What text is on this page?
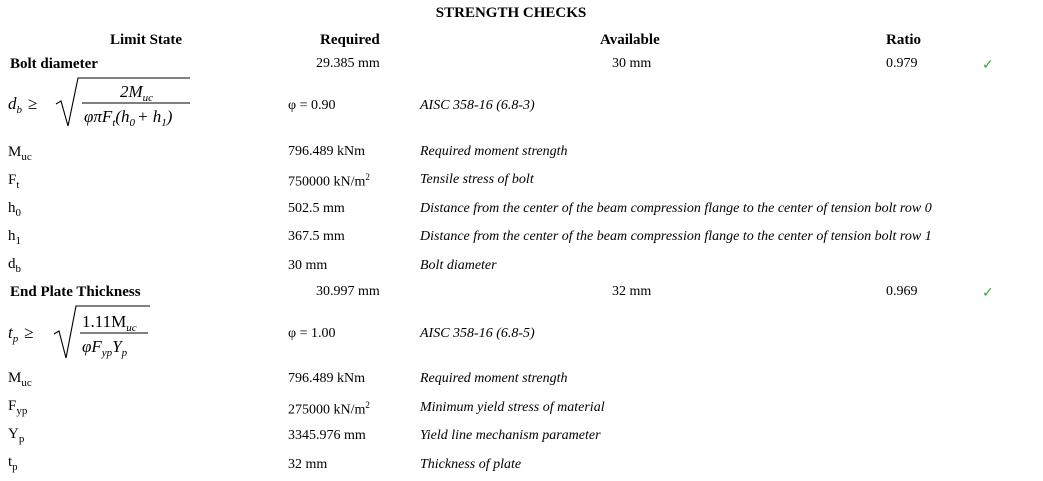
STRENGTH CHECKS
Limit State	Required	Available	Ratio
Bolt diameter	29.385 mm	30 mm	0.979	✓
$d_b$ ≥
$2M_{uc}$
$\varphi\pi F_t(h_0 + h_1)$
φ = 0.90	AISC 358-16 (6.8-3)
$M_{uc}$	796.489 kNm	Required moment strength
$F_t$	750000 $kN/m^2$	Tensile stress of bolt
$h_0$	502.5 mm	Distance from the center of the beam compression flange to the center of tension bolt row 0
$h_1$	367.5 mm	Distance from the center of the beam compression flange to the center of tension bolt row 1
$d_b$	30 mm	Bolt diameter
End Plate Thickness	30.997 mm	32 mm	0.969	✓
$t_p$ ≥
$1.11M_{uc}$
$\varphi F_{yp}Y_p$
φ = 1.00	AISC 358-16 (6.8-5)
$M_{uc}$	796.489 kNm	Required moment strength
$F_{yp}$	275000 $kN/m^2$	Minimum yield stress of material
$Y_p$	3345.976 mm	Yield line mechanism parameter
$t_p$	32 mm	Thickness of plate
